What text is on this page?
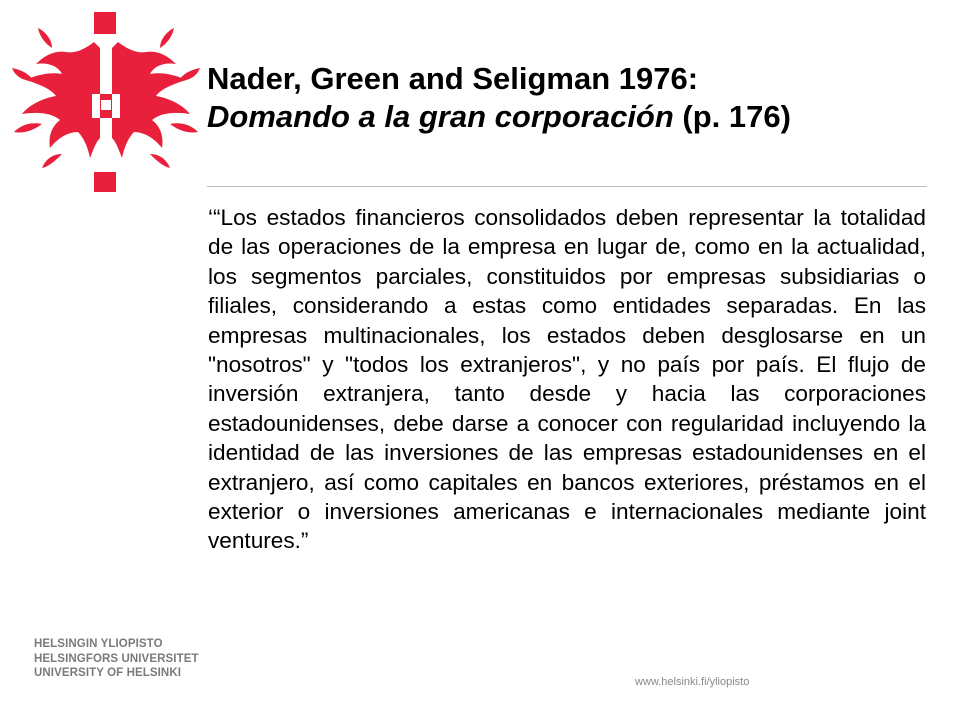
Nader, Green and Seligman 1976:
Domando a la gran corporación (p. 176)

‘“Los estados financieros consolidados deben representar la totalidad de las operaciones de la empresa en lugar de, como en la actualidad, los segmentos parciales, constituidos por empresas subsidiarias o filiales, considerando a estas como entidades separadas. En las empresas multinacionales, los estados deben desglosarse en un "nosotros" y "todos los extranjeros", y no país por país. El flujo de inversión extranjera, tanto desde y hacia las corporaciones estadounidenses, debe darse a conocer con regularidad incluyendo la identidad de las inversiones de las empresas estadounidenses en el extranjero, así como capitales en bancos exteriores, préstamos en el exterior o inversiones americanas e internacionales mediante joint ventures.”

HELSINGIN YLIOPISTO
HELSINGFORS UNIVERSITET
UNIVERSITY OF HELSINKI
www.helsinki.fi/yliopisto
